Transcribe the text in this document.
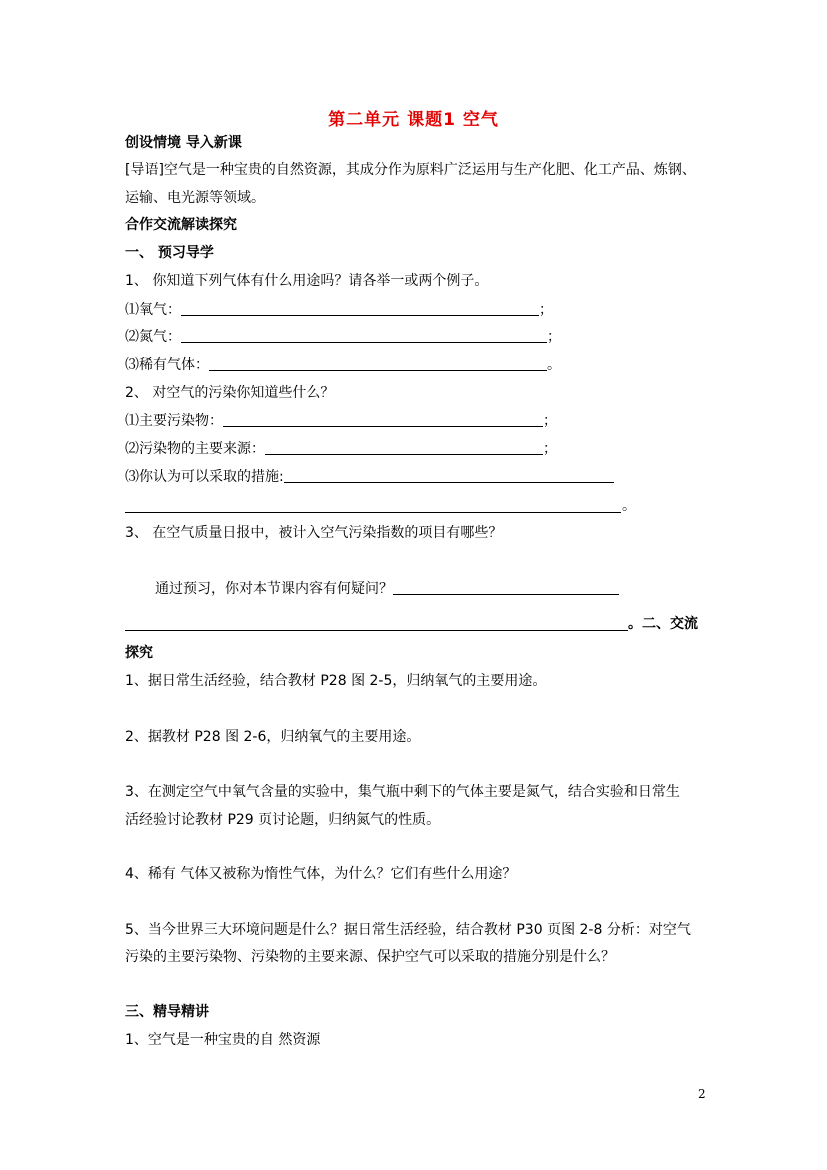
第二单元 课题1 空气
创设情境 导入新课
[导语]空气是一种宝贵的自然资源，其成分作为原料广泛运用与生产化肥、化工产品、炼钢、
运输、电光源等领域。
合作交流解读探究
一、 预习导学
1、 你知道下列气体有什么用途吗？请各举一或两个例子。
⑴氧气：	；
⑵氮气：	；
⑶稀有气体：	。
2、 对空气的污染你知道些什么？
⑴主要污染物：	；
⑵污染物的主要来源：	；
⑶你认为可以采取的措施:
。
3、 在空气质量日报中，被计入空气污染指数的项目有哪些？
通过预习，你对本节课内容有何疑问？
。二、交流
探究
1、据日常生活经验，结合教材 P28 图 2-5，归纳氧气的主要用途。
2、据教材 P28 图 2-6，归纳氧气的主要用途。
3、在测定空气中氧气含量的实验中，集气瓶中剩下的气体主要是氮气，结合实验和日常生
活经验讨论教材 P29 页讨论题，归纳氮气的性质。
4、稀有 气体又被称为惰性气体，为什么？它们有些什么用途？
5、当今世界三大环境问题是什么？据日常生活经验，结合教材 P30 页图 2-8 分析：对空气
污染的主要污染物、污染物的主要来源、保护空气可以采取的措施分别是什么？
三、精导精讲
1、空气是一种宝贵的自 然资源
2
